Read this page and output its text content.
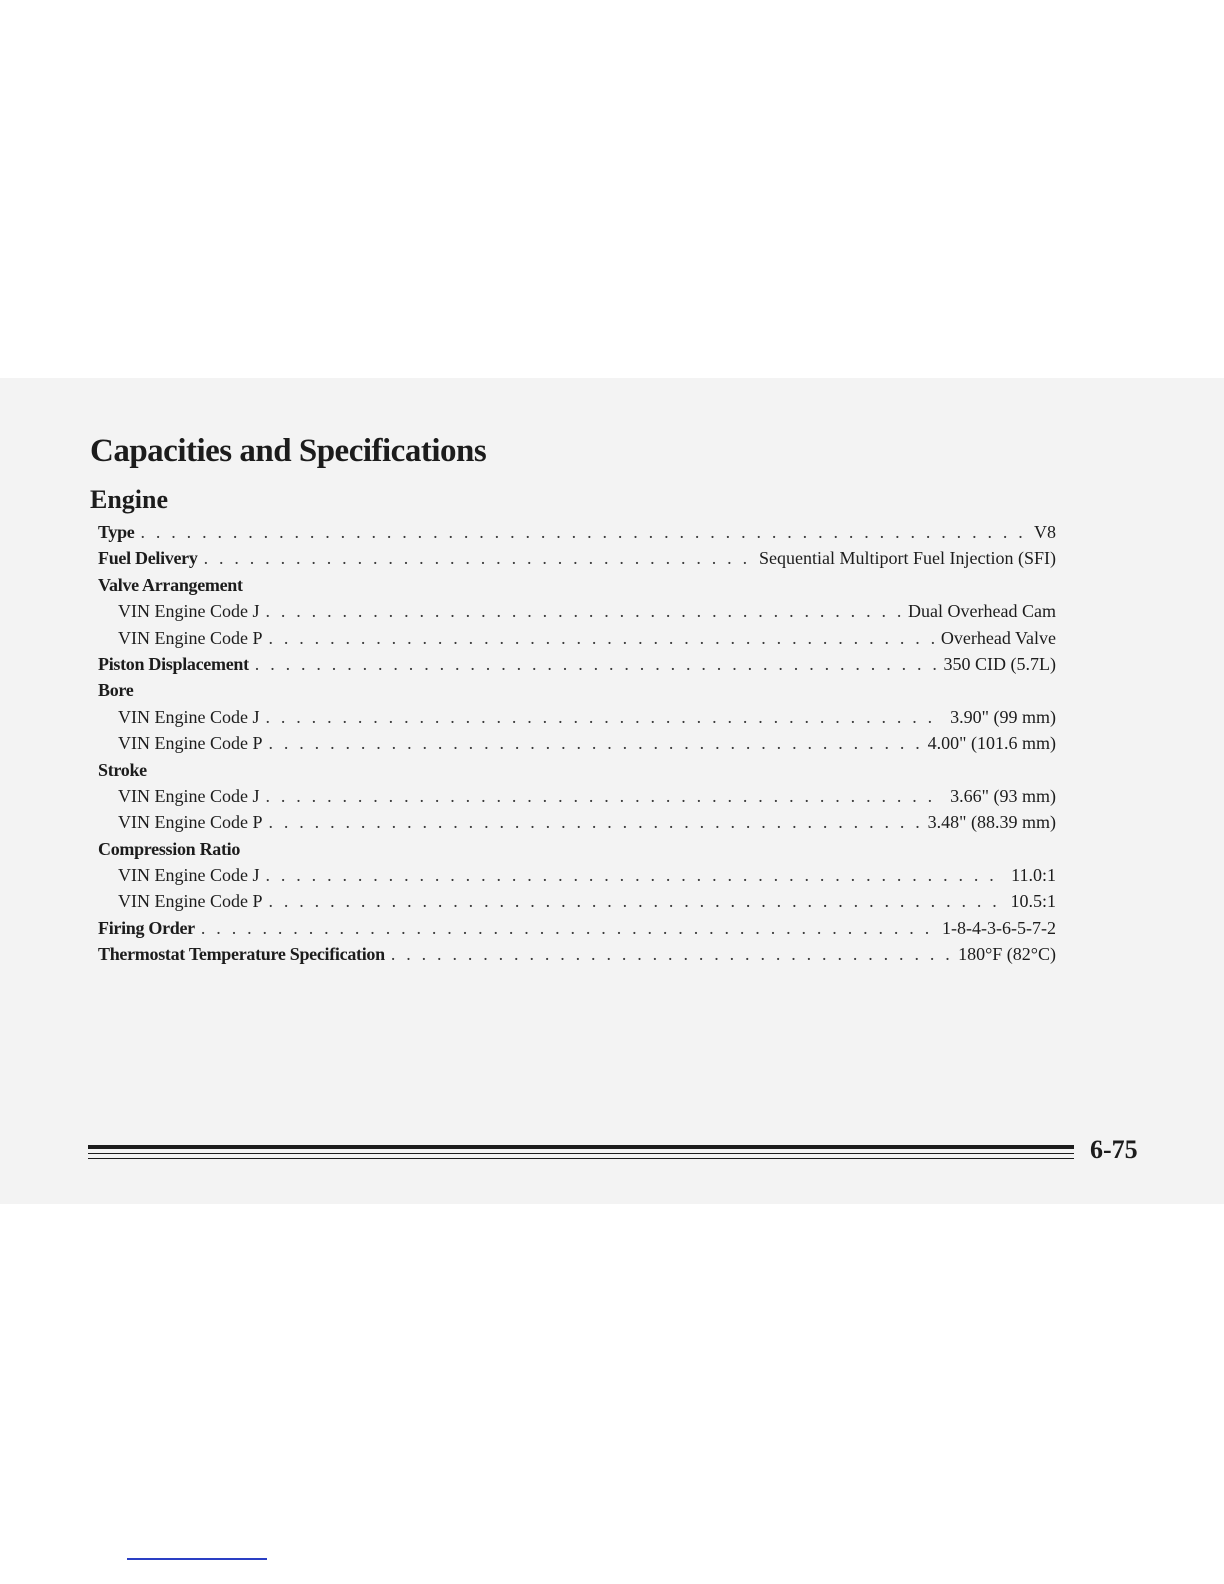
Capacities and Specifications
Engine
Type . . .	V8
Fuel Delivery . . .	Sequential Multiport Fuel Injection (SFI)
Valve Arrangement
VIN Engine Code J . . .	Dual Overhead Cam
VIN Engine Code P . . .	Overhead Valve
Piston Displacement . . .	350 CID (5.7L)
Bore
VIN Engine Code J . . .	3.90" (99 mm)
VIN Engine Code P . . .	4.00" (101.6 mm)
Stroke
VIN Engine Code J . . .	3.66" (93 mm)
VIN Engine Code P . . .	3.48" (88.39 mm)
Compression Ratio
VIN Engine Code J . . .	11.0:1
VIN Engine Code P . . .	10.5:1
Firing Order . . .	1-8-4-3-6-5-7-2
Thermostat Temperature Specification . . .	180°F (82°C)
6-75
